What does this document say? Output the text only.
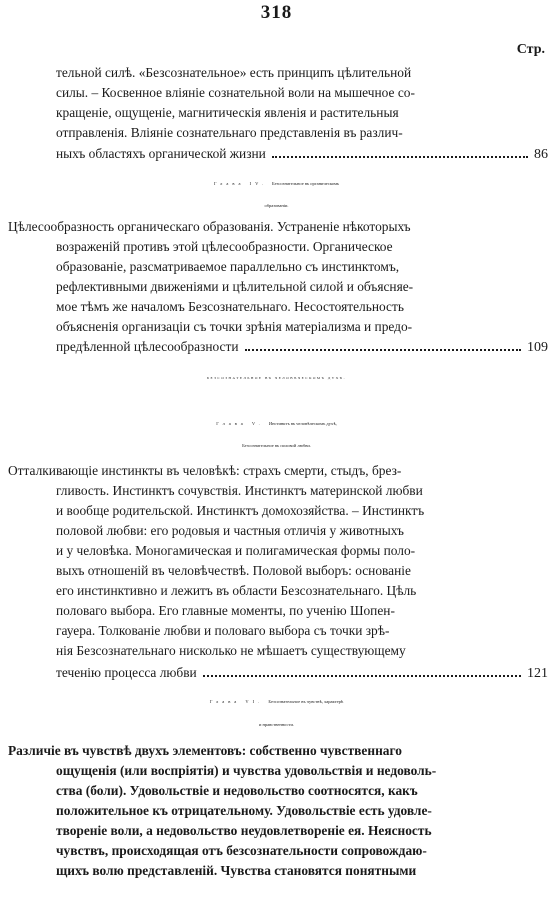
318
Стр.
тельной силѣ. «Безсознательное» есть принципъ цѣлительной
силы. – Косвенное вліяніе сознательной воли на мышечное со-
кращеніе, ощущеніе, магнитическія явленія и растительныя
отправленія. Вліяніе сознательнаго представленія въ различ-
ныхъ областяхъ органической жизни	86
Глава IV. Безсознательное въ органическомъ
образованіи.
Цѣлесообразность органическаго образованія. Устраненіе нѣкоторыхъ
возраженій противъ этой цѣлесообразности. Органическое
образованіе, разсматриваемое параллельно съ инстинктомъ,
рефлективными движеніями и цѣлительной силой и объясняе-
мое тѣмъ же началомъ Безсознательнаго. Несостоятельность
объясненія организаціи съ точки зрѣнія матеріализма и предо-
предѣленной цѣлесообразности	109
БЕЗСОЗНАТЕЛЬНОЕ ВЪ ЧЕЛОВѢЧЕСКОМЪ ДУХѢ.
Глава V. Инстинктъ въ человѣческомъ духѣ,
Безсознательное въ половой любви.
Отталкивающіе инстинкты въ человѣкѣ: страхъ смерти, стыдъ, брез-
гливость. Инстинктъ сочувствія. Инстинктъ материнской любви
и вообще родительской. Инстинктъ домохозяйства. – Инстинктъ
половой любви: его родовыя и частныя отличія у животныхъ
и у человѣка. Моногамическая и полигамическая формы поло-
выхъ отношеній въ человѣчествѣ. Половой выборъ: основаніе
его инстинктивно и лежитъ въ области Безсознательнаго. Цѣль
половаго выбора. Его главные моменты, по ученію Шопен-
гауера. Толкованіе любви и половаго выбора съ точки зрѣ-
нія Безсознательнаго нисколько не мѣшаетъ существующему
теченію процесса любви	121
Глава VI. Безсознательное въ чувствѣ, характерѣ
и нравственности.
Различіе въ чувствѣ двухъ элементовъ: собственно чувственнаго
ощущенія (или воспріятія) и чувства удовольствія и недоволь-
ства (боли). Удовольствіе и недовольство соотносятся, какъ
положительное къ отрицательному. Удовольствіе есть удовле-
твореніе воли, а недовольство неудовлетвореніе ея. Неясность
чувствъ, происходящая отъ безсознательности сопровождаю-
щихъ волю представленій. Чувства становятся понятными
